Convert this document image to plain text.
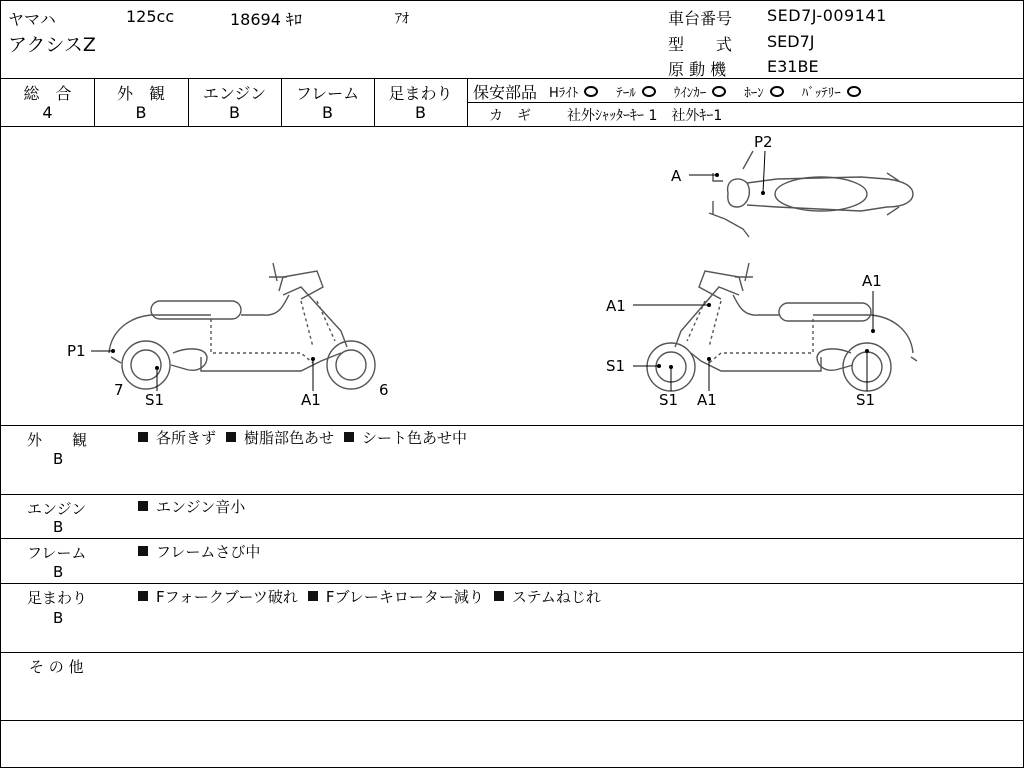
ヤマハ	125cc	18694 ｷﾛ	ｱｵ
アクシスZ
車台番号 SED7J-009141
型　　式 SED7J
原 動 機	E31BE
総　合
4
外　観
B
エンジン
B
フレーム
B
足まわり
B
保安部品 Hﾗｲﾄ	ﾃｰﾙ	ｳｲﾝｶｰ	ﾎｰﾝ	ﾊﾞｯﾃﾘｰ
カ　ギ	社外ｼｬｯﾀｰｷｰ 1　社外ｷｰ1
A
P2
P1
7
S1	A1
6
A1
A1
S1
S1 A1	S1
外　　観
B
各所きず 樹脂部色あせ シート色あせ中
エンジン
B
エンジン音小
フレーム
B
フレームさび中
足まわり
B
Fフォークブーツ破れ Fブレーキローター減り ステムねじれ
そ の 他
